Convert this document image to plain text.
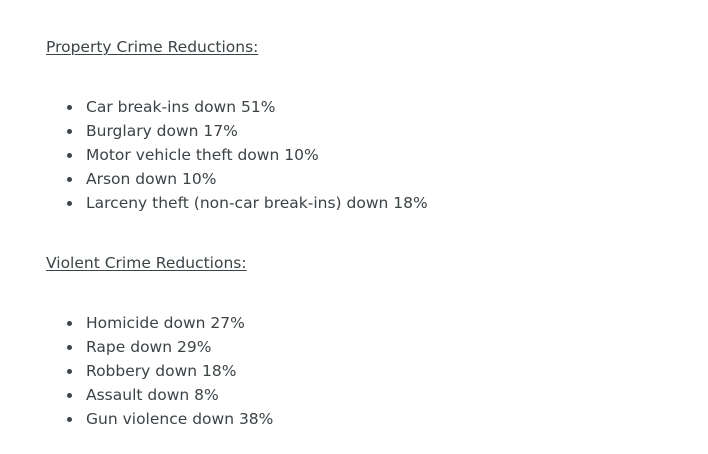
Property Crime Reductions:
Car break-ins down 51%
Burglary down 17%
Motor vehicle theft down 10%
Arson down 10%
Larceny theft (non-car break-ins) down 18%
Violent Crime Reductions:
Homicide down 27%
Rape down 29%
Robbery down 18%
Assault down 8%
Gun violence down 38%
